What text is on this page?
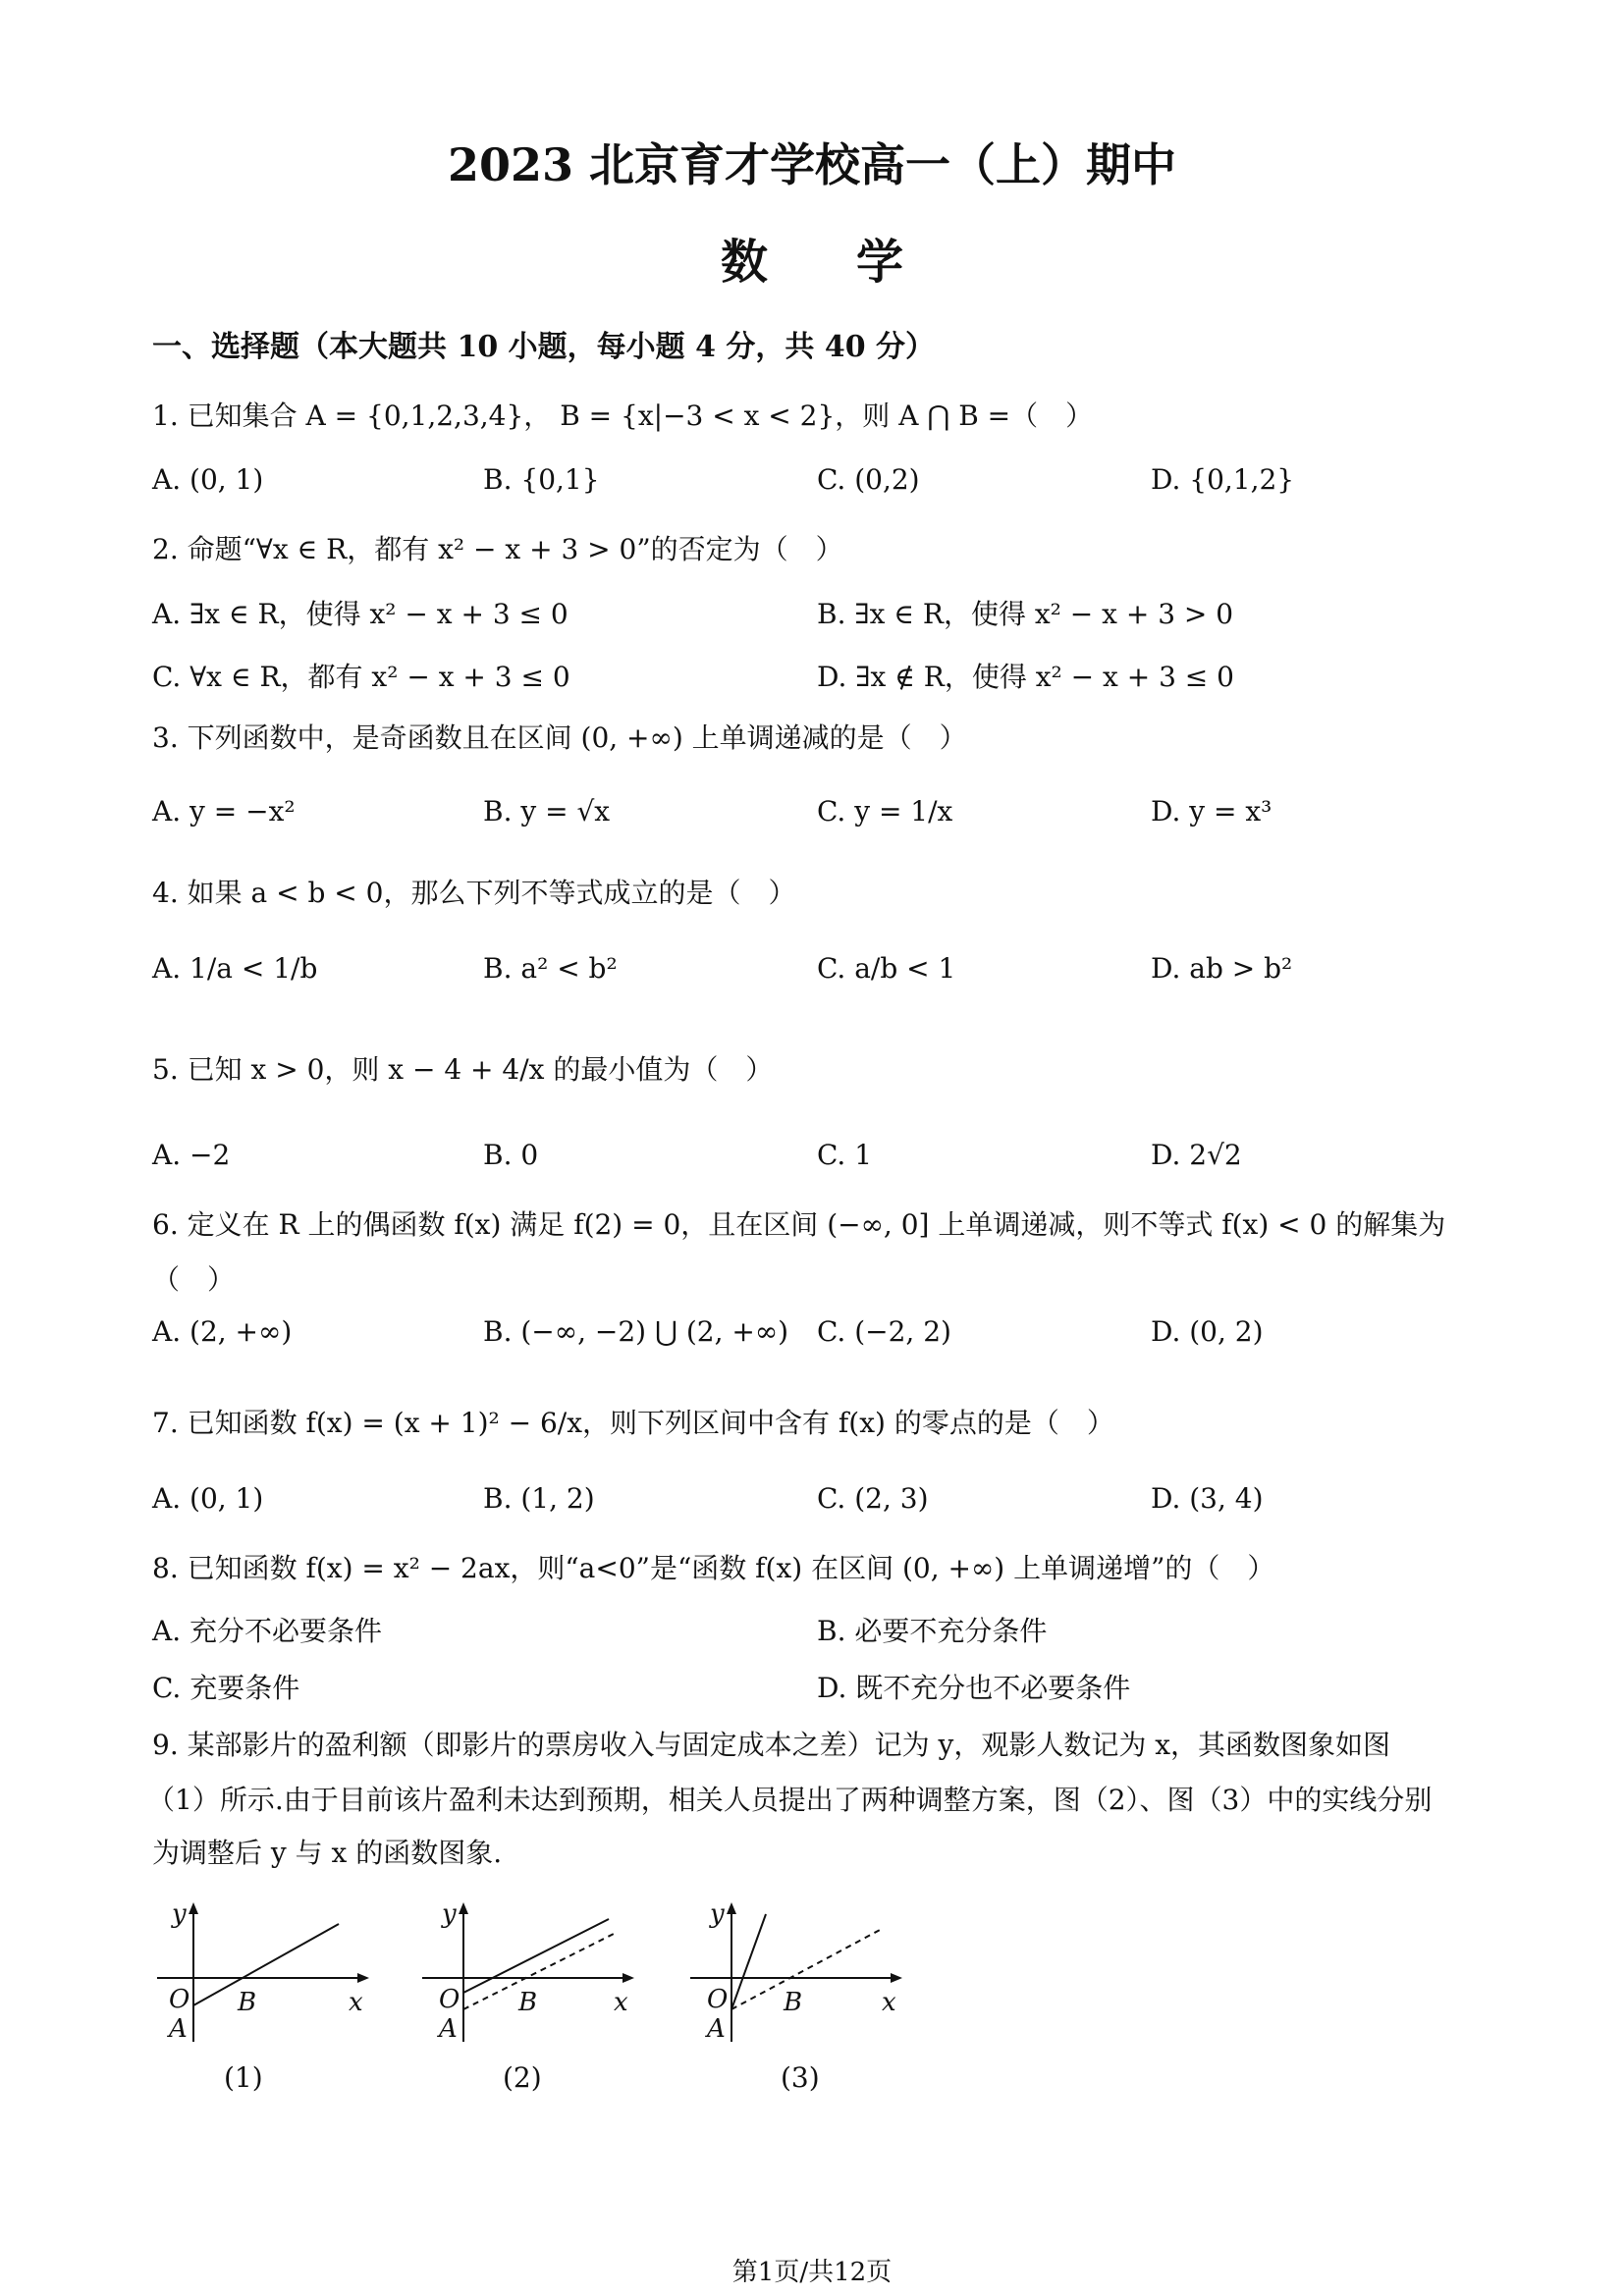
2023 北京育才学校高一（上）期中
数学
一、选择题（本大题共 10 小题，每小题 4 分，共 40 分）
1. 已知集合 A = {0,1,2,3,4}， B = {x|−3 < x < 2}，则 A ⋂ B =（　）
A. (0, 1)	B. {0,1}	C. (0,2)	D. {0,1,2}
2. 命题“∀x ∈ R，都有 x² − x + 3 > 0”的否定为（　）
A. ∃x ∈ R，使得 x² − x + 3 ≤ 0	B. ∃x ∈ R，使得 x² − x + 3 > 0
C. ∀x ∈ R，都有 x² − x + 3 ≤ 0	D. ∃x ∉ R，使得 x² − x + 3 ≤ 0
3. 下列函数中，是奇函数且在区间 (0, +∞) 上单调递减的是（　）
A. y = −x²	B. y = √x	C. y = 1/x	D. y = x³
4. 如果 a < b < 0，那么下列不等式成立的是（　）
A. 1/a < 1/b	B. a² < b²	C. a/b < 1	D. ab > b²
5. 已知 x > 0，则 x − 4 + 4/x 的最小值为（　）
A. −2	B. 0	C. 1	D. 2√2
6. 定义在 R 上的偶函数 f(x) 满足 f(2) = 0，且在区间 (−∞, 0] 上单调递减，则不等式 f(x) < 0 的解集为
（　）
A. (2, +∞)	B. (−∞, −2) ⋃ (2, +∞) C. (−2, 2)	D. (0, 2)
7. 已知函数 f(x) = (x + 1)² − 6/x，则下列区间中含有 f(x) 的零点的是（　）
A. (0, 1)	B. (1, 2)	C. (2, 3)	D. (3, 4)
8. 已知函数 f(x) = x² − 2ax，则“a<0”是“函数 f(x) 在区间 (0, +∞) 上单调递增”的（　）
A. 充分不必要条件	B. 必要不充分条件
C. 充要条件	D. 既不充分也不必要条件
9. 某部影片的盈利额（即影片的票房收入与固定成本之差）记为 y，观影人数记为 x，其函数图象如图
（1）所示.由于目前该片盈利未达到预期，相关人员提出了两种调整方案，图（2）、图（3）中的实线分别
为调整后 y 与 x 的函数图象.
y
x
O
A
B
(1)
y
x
O
A
B
(2)
y
x
O
A
B
(3)
第1页/共12页
